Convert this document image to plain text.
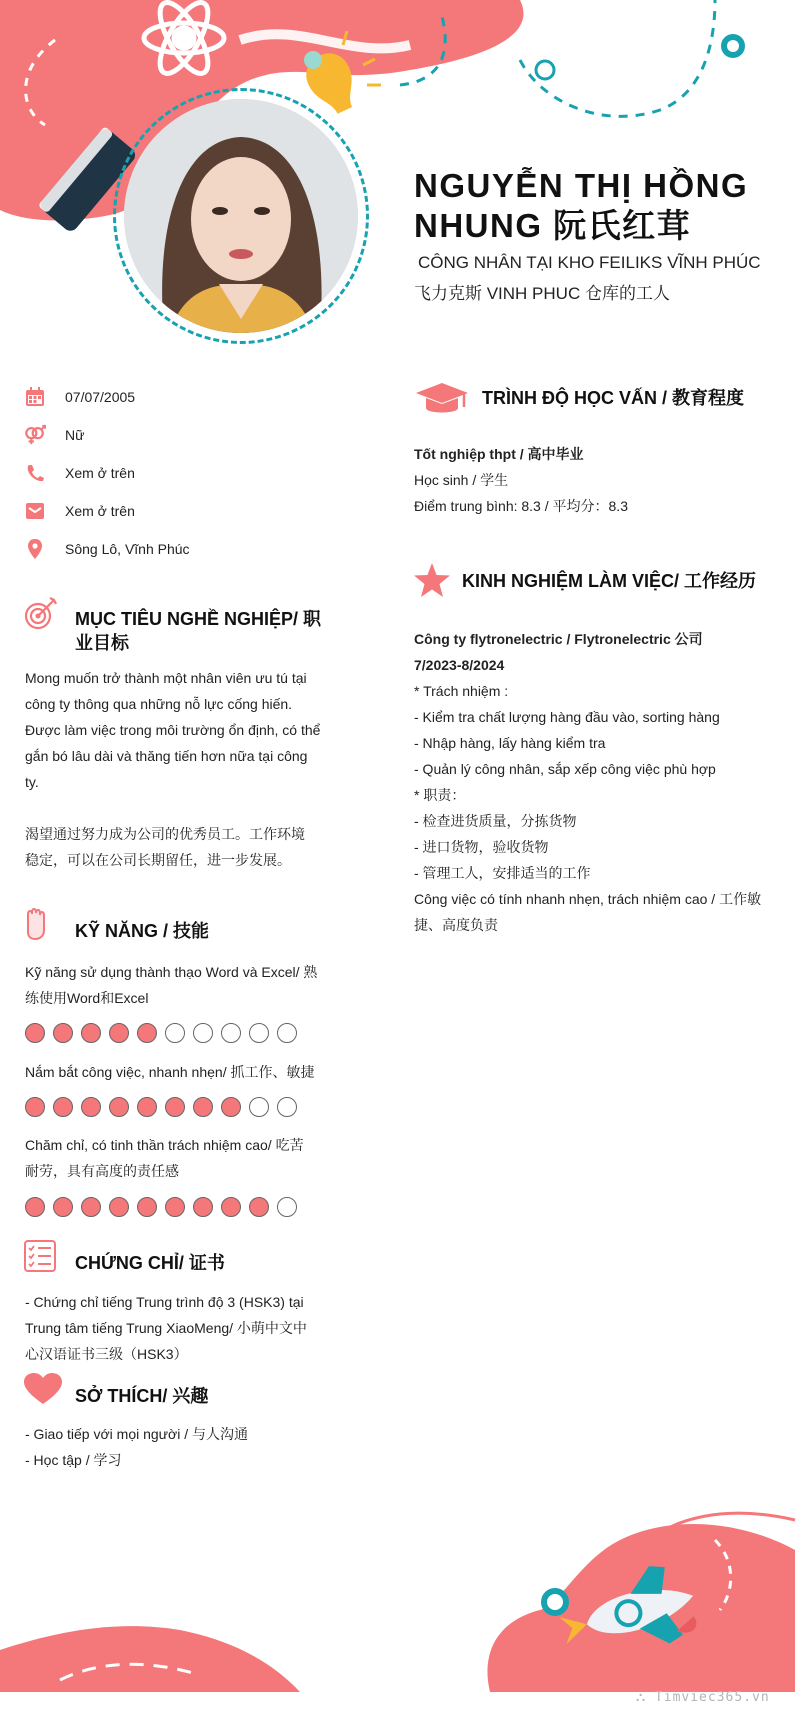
NGUYỄN THỊ HỒNG NHUNG 阮氏红茸
CÔNG NHÂN TẠI KHO FEILIKS VĨNH PHÚC
飞力克斯 VINH PHUC 仓库的工人
07/07/2005
Nữ
Xem ở trên
Xem ở trên
Sông Lô, Vĩnh Phúc
MỤC TIÊU NGHỀ NGHIỆP/ 职业目标
Mong muốn trở thành một nhân viên ưu tú tại
công ty thông qua những nỗ lực cống hiến.
Được làm việc trong môi trường ổn định, có thể
gắn bó lâu dài và thăng tiến hơn nữa tại công
ty.
渴望通过努力成为公司的优秀员工。工作环境
稳定，可以在公司长期留任，进一步发展。
KỸ NĂNG / 技能
Kỹ năng sử dụng thành thạo Word và Excel/ 熟
练使用Word和Excel
Nắm bắt công việc, nhanh nhẹn/ 抓工作、敏捷
Chăm chỉ, có tinh thần trách nhiệm cao/ 吃苦
耐劳，具有高度的责任感
CHỨNG CHỈ/ 证书
- Chứng chỉ tiếng Trung trình độ 3 (HSK3) tại
Trung tâm tiếng Trung XiaoMeng/ 小萌中文中
心汉语证书三级（HSK3）
SỞ THÍCH/ 兴趣
- Giao tiếp với mọi người / 与人沟通
- Học tập / 学习
TRÌNH ĐỘ HỌC VẤN / 教育程度
Tốt nghiệp thpt / 高中毕业
Học sinh / 学生
Điểm trung bình: 8.3 / 平均分：8.3
KINH NGHIỆM LÀM VIỆC/ 工作经历
Công ty flytronelectric / Flytronelectric 公司
7/2023-8/2024
* Trách nhiệm :
- Kiểm tra chất lượng hàng đầu vào, sorting hàng
- Nhập hàng, lấy hàng kiểm tra
- Quản lý công nhân, sắp xếp công việc phù hợp
* 职责：
- 检查进货质量，分拣货物
- 进口货物，验收货物
- 管理工人，安排适当的工作
Công việc có tính nhanh nhẹn, trách nhiệm cao / 工作敏
捷、高度负责
⛬ Timviec365.vn
